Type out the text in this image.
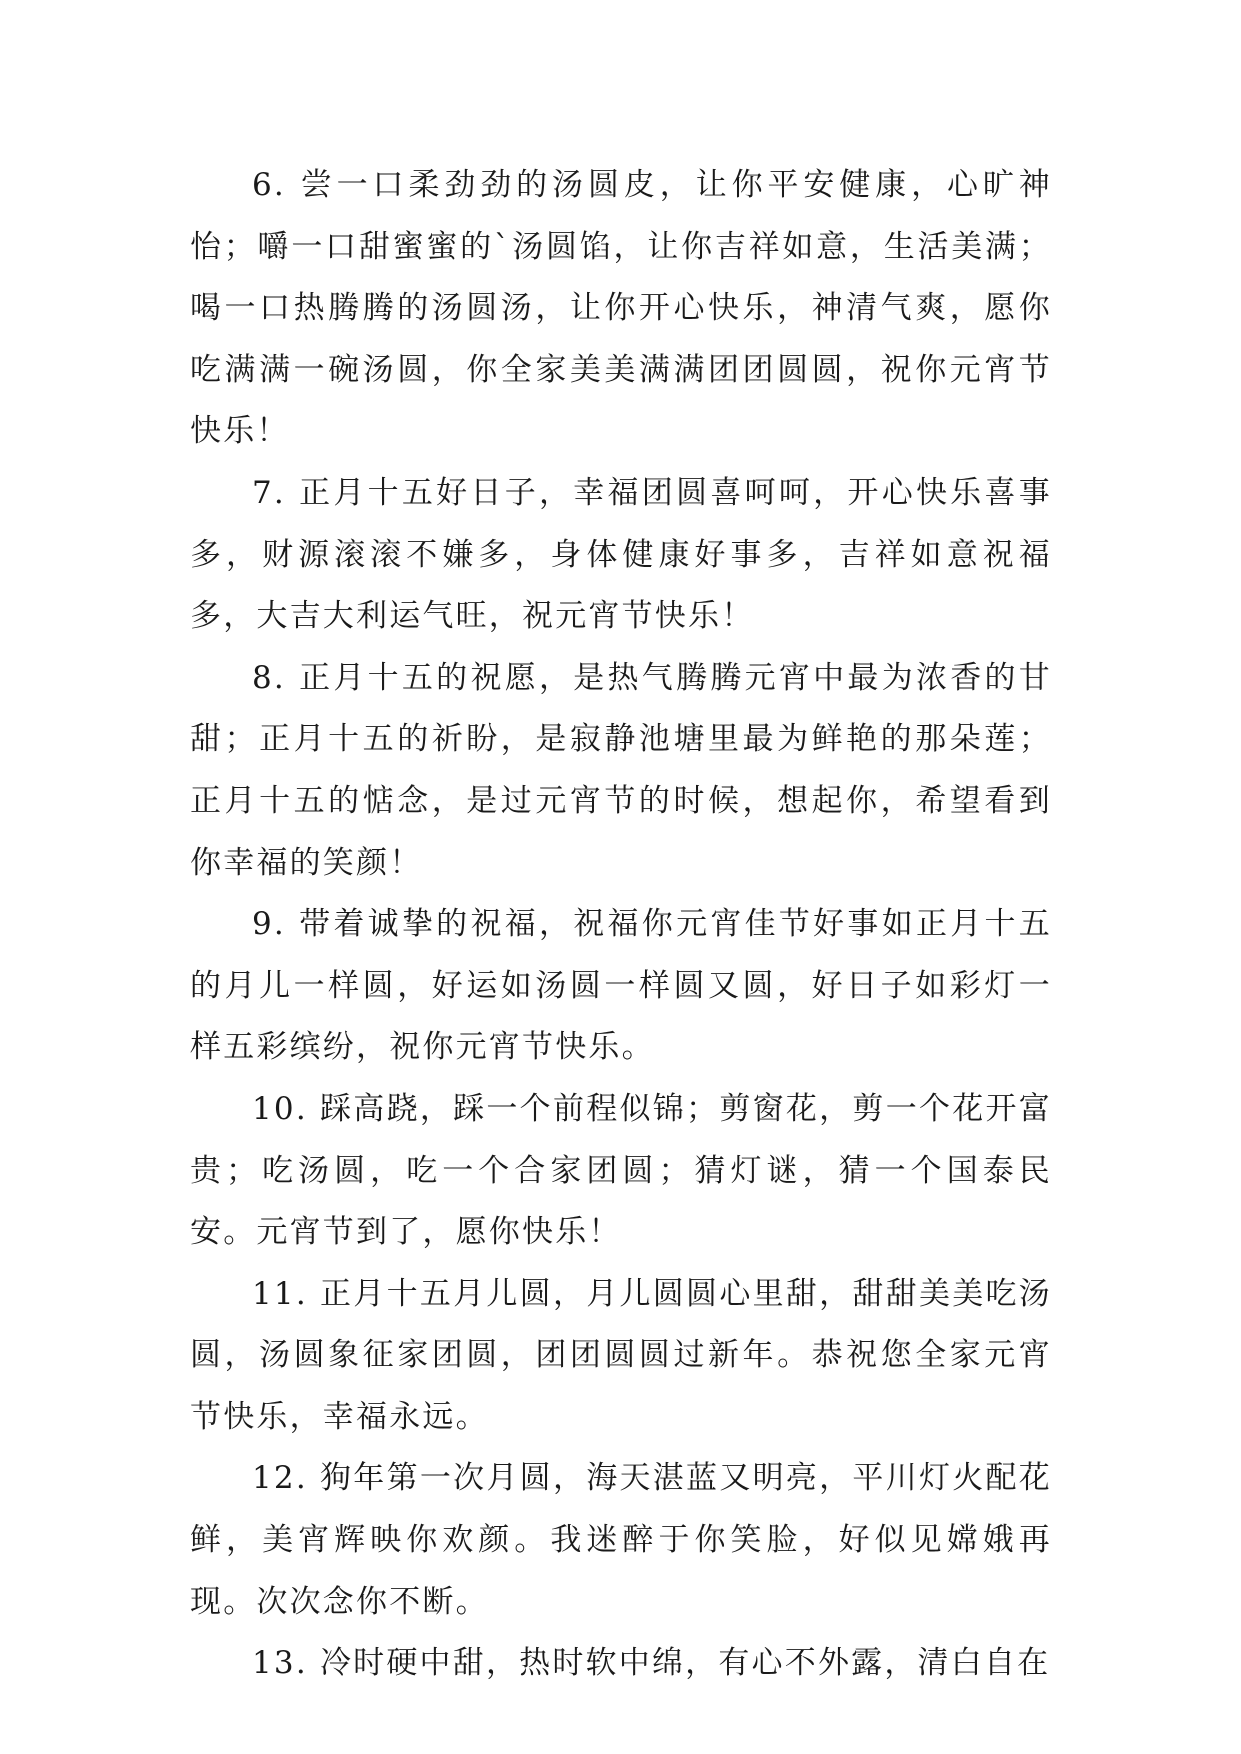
6. 尝一口柔劲劲的汤圆皮，让你平安健康，心旷神怡；嚼一口甜蜜蜜的`汤圆馅，让你吉祥如意，生活美满；喝一口热腾腾的汤圆汤，让你开心快乐，神清气爽，愿你吃满满一碗汤圆，你全家美美满满团团圆圆，祝你元宵节快乐！

7. 正月十五好日子，幸福团圆喜呵呵，开心快乐喜事多，财源滚滚不嫌多，身体健康好事多，吉祥如意祝福多，大吉大利运气旺，祝元宵节快乐！

8. 正月十五的祝愿，是热气腾腾元宵中最为浓香的甘甜；正月十五的祈盼，是寂静池塘里最为鲜艳的那朵莲；正月十五的惦念，是过元宵节的时候，想起你，希望看到你幸福的笑颜！

9. 带着诚挚的祝福，祝福你元宵佳节好事如正月十五的月儿一样圆，好运如汤圆一样圆又圆，好日子如彩灯一样五彩缤纷，祝你元宵节快乐。

10. 踩高跷，踩一个前程似锦；剪窗花，剪一个花开富贵；吃汤圆，吃一个合家团圆；猜灯谜，猜一个国泰民安。元宵节到了，愿你快乐！

11. 正月十五月儿圆，月儿圆圆心里甜，甜甜美美吃汤圆，汤圆象征家团圆，团团圆圆过新年。恭祝您全家元宵节快乐，幸福永远。

12. 狗年第一次月圆，海天湛蓝又明亮，平川灯火配花鲜，美宵辉映你欢颜。我迷醉于你笑脸，好似见嫦娥再现。次次念你不断。

13. 冷时硬中甜，热时软中绵，有心不外露，清白自在
